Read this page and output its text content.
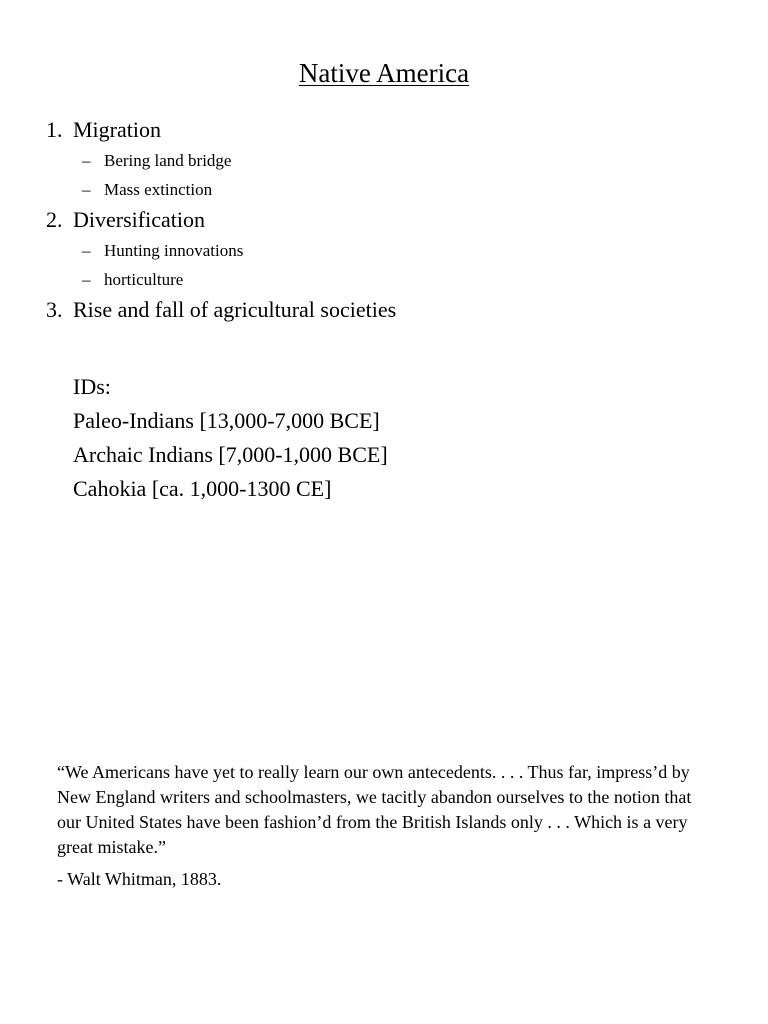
Native America
1. Migration
– Bering land bridge
– Mass extinction
2. Diversification
– Hunting innovations
– horticulture
3. Rise and fall of agricultural societies
IDs:
Paleo-Indians [13,000-7,000 BCE]
Archaic Indians [7,000-1,000 BCE]
Cahokia [ca. 1,000-1300 CE]
“We Americans have yet to really learn our own antecedents. . . . Thus far, impress’d by New England writers and schoolmasters, we tacitly abandon ourselves to the notion that our United States have been fashion’d from the British Islands only . . . Which is a very great mistake.”
- Walt Whitman, 1883.
